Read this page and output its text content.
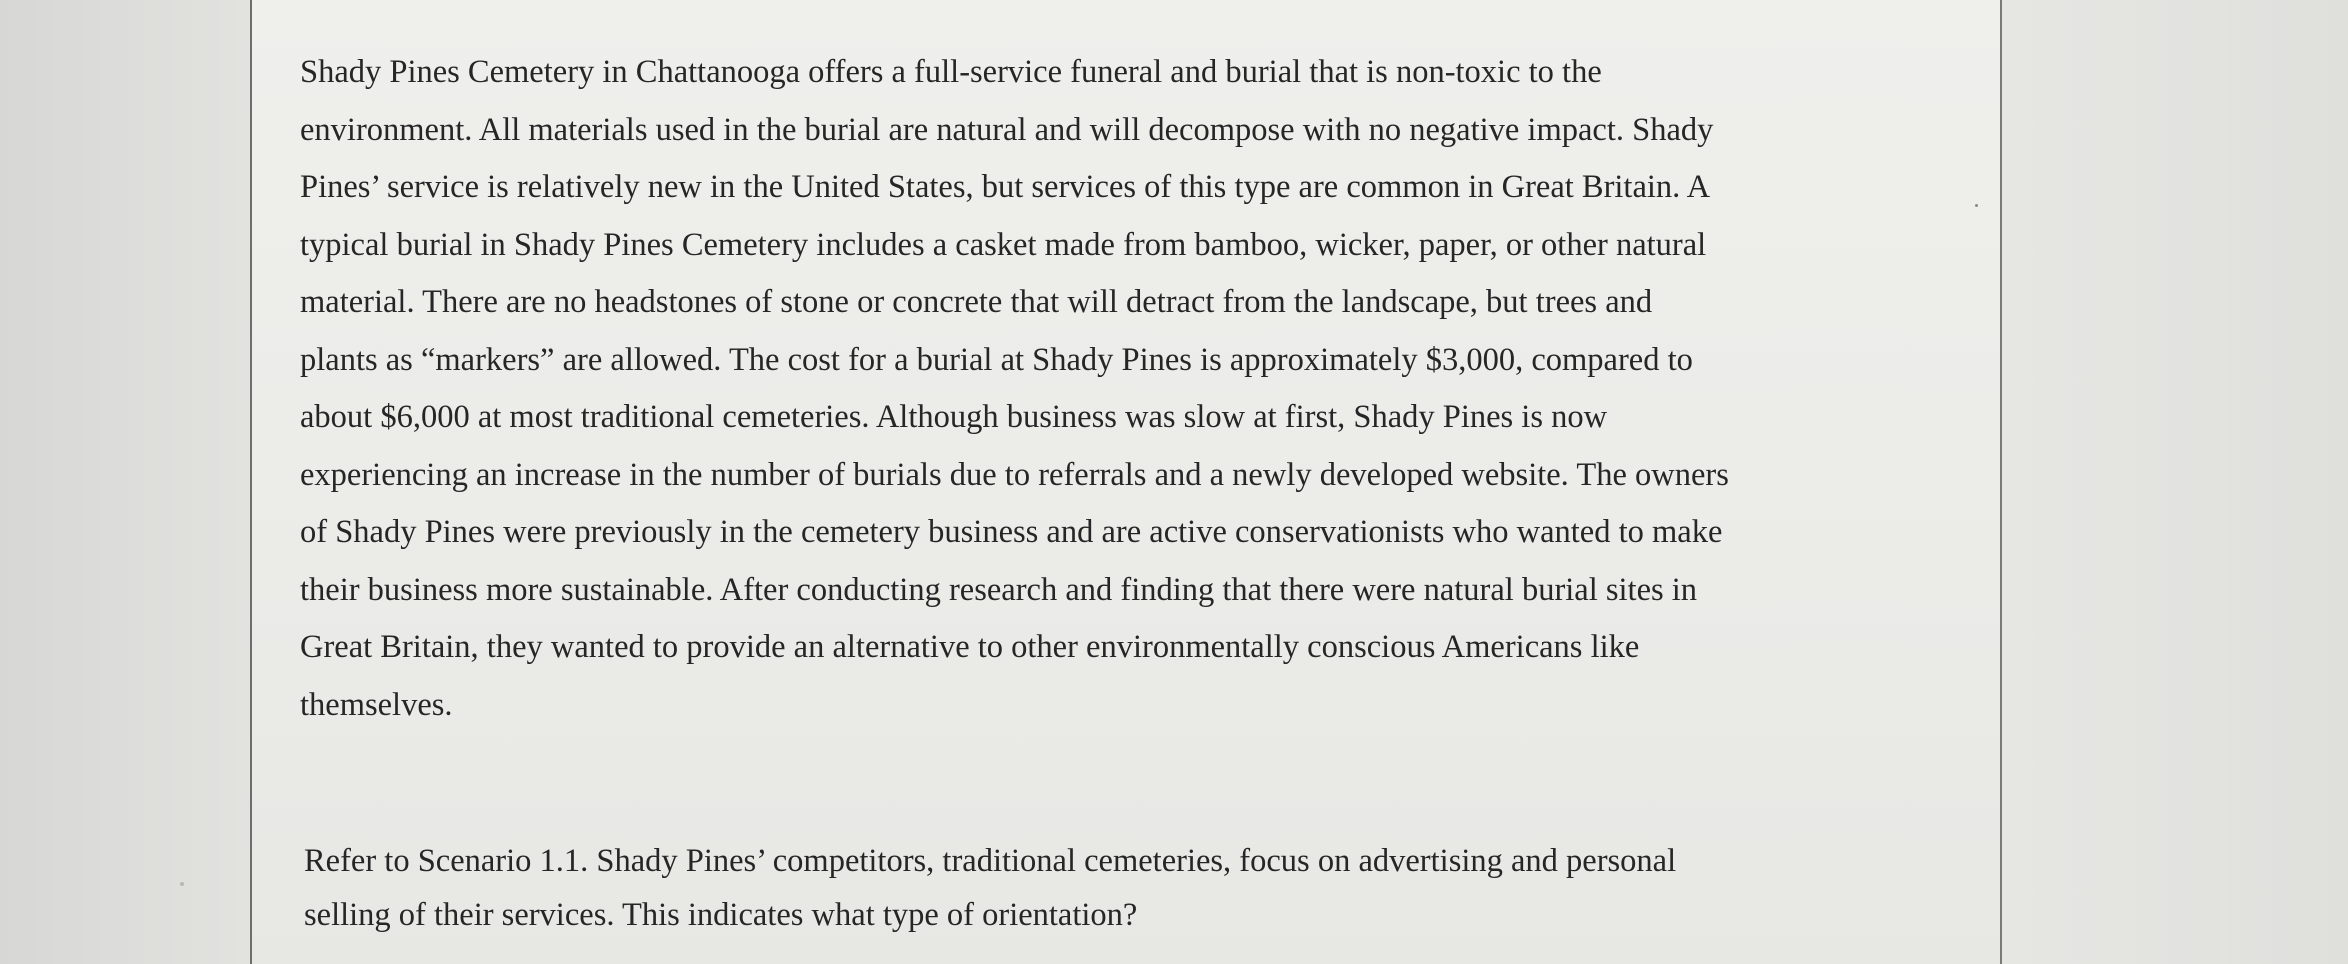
Shady Pines Cemetery in Chattanooga offers a full-service funeral and burial that is non-toxic to the
environment. All materials used in the burial are natural and will decompose with no negative impact. Shady
Pines’ service is relatively new in the United States, but services of this type are common in Great Britain. A
typical burial in Shady Pines Cemetery includes a casket made from bamboo, wicker, paper, or other natural
material. There are no headstones of stone or concrete that will detract from the landscape, but trees and
plants as “markers” are allowed. The cost for a burial at Shady Pines is approximately $3,000, compared to
about $6,000 at most traditional cemeteries. Although business was slow at first, Shady Pines is now
experiencing an increase in the number of burials due to referrals and a newly developed website. The owners
of Shady Pines were previously in the cemetery business and are active conservationists who wanted to make
their business more sustainable. After conducting research and finding that there were natural burial sites in
Great Britain, they wanted to provide an alternative to other environmentally conscious Americans like
themselves.

Refer to Scenario 1.1. Shady Pines’ competitors, traditional cemeteries, focus on advertising and personal
selling of their services. This indicates what type of orientation?
